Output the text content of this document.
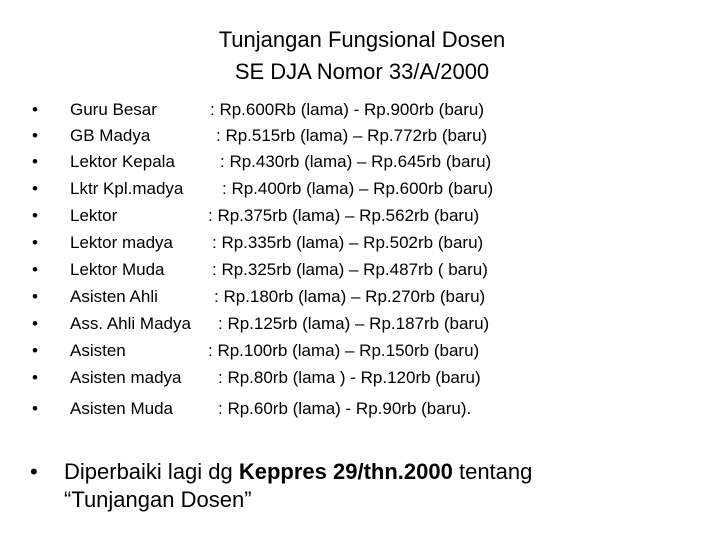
Tunjangan Fungsional Dosen
SE DJA Nomor 33/A/2000
• Guru Besar	: Rp.600Rb (lama) - Rp.900rb (baru)
• GB Madya	: Rp.515rb (lama) – Rp.772rb (baru)
• Lektor Kepala	: Rp.430rb (lama) – Rp.645rb (baru)
• Lktr Kpl.madya : Rp.400rb (lama) – Rp.600rb (baru)
• Lektor	: Rp.375rb (lama) – Rp.562rb (baru)
• Lektor madya : Rp.335rb (lama) – Rp.502rb (baru)
• Lektor Muda	: Rp.325rb (lama) – Rp.487rb ( baru)
• Asisten Ahli	: Rp.180rb (lama) – Rp.270rb (baru)
• Ass. Ahli Madya : Rp.125rb (lama) – Rp.187rb (baru)
• Asisten	: Rp.100rb (lama) – Rp.150rb (baru)
• Asisten madya : Rp.80rb (lama ) - Rp.120rb (baru)
• Asisten Muda	: Rp.60rb (lama) - Rp.90rb (baru).
• Diperbaiki lagi dg Keppres 29/thn.2000 tentang
“Tunjangan Dosen”
